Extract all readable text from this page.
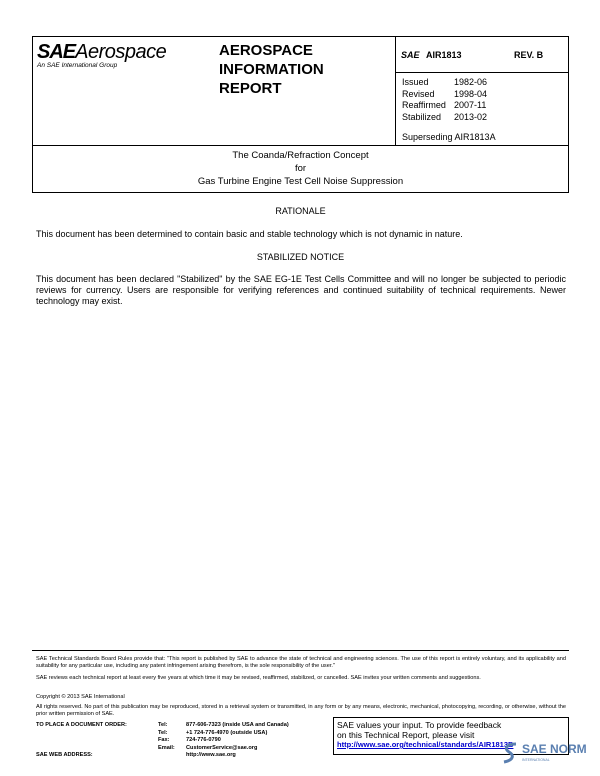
SAEAerospace
An SAE International Group
AEROSPACE
INFORMATION
REPORT
SAE AIR1813	REV. B
Issued	1982-06
Revised	1998-04
Reaffirmed 2007-11
Stabilized	2013-02
Superseding AIR1813A
The Coanda/Refraction Concept
for
Gas Turbine Engine Test Cell Noise Suppression
RATIONALE
This document has been determined to contain basic and stable technology which is not dynamic in nature.
STABILIZED NOTICE
This document has been declared "Stabilized" by the SAE EG-1E Test Cells Committee and will no longer be subjected to periodic reviews for currency. Users are responsible for verifying references and continued suitability of technical requirements. Newer technology may exist.
SAE Technical Standards Board Rules provide that: "This report is published by SAE to advance the state of technical and engineering sciences. The use of this report is entirely voluntary, and its applicability and suitability for any particular use, including any patent infringement arising therefrom, is the sole responsibility of the user."
SAE reviews each technical report at least every five years at which time it may be revised, reaffirmed, stabilized, or cancelled. SAE invites your written comments and suggestions.
Copyright © 2013 SAE International
All rights reserved. No part of this publication may be reproduced, stored in a retrieval system or transmitted, in any form or by any means, electronic, mechanical, photocopying, recording, or otherwise, without the prior written permission of SAE.
TO PLACE A DOCUMENT ORDER:	Tel:	877-606-7323 (inside USA and Canada)
Tel:	+1 724-776-4970 (outside USA)
Fax:	724-776-0790
Email:	CustomerService@sae.org
SAE WEB ADDRESS:	http://www.sae.org
SAE values your input. To provide feedback
on this Technical Report, please visit
http://www.sae.org/technical/standards/AIR1813B SAE NORM
INTERNATIONAL
